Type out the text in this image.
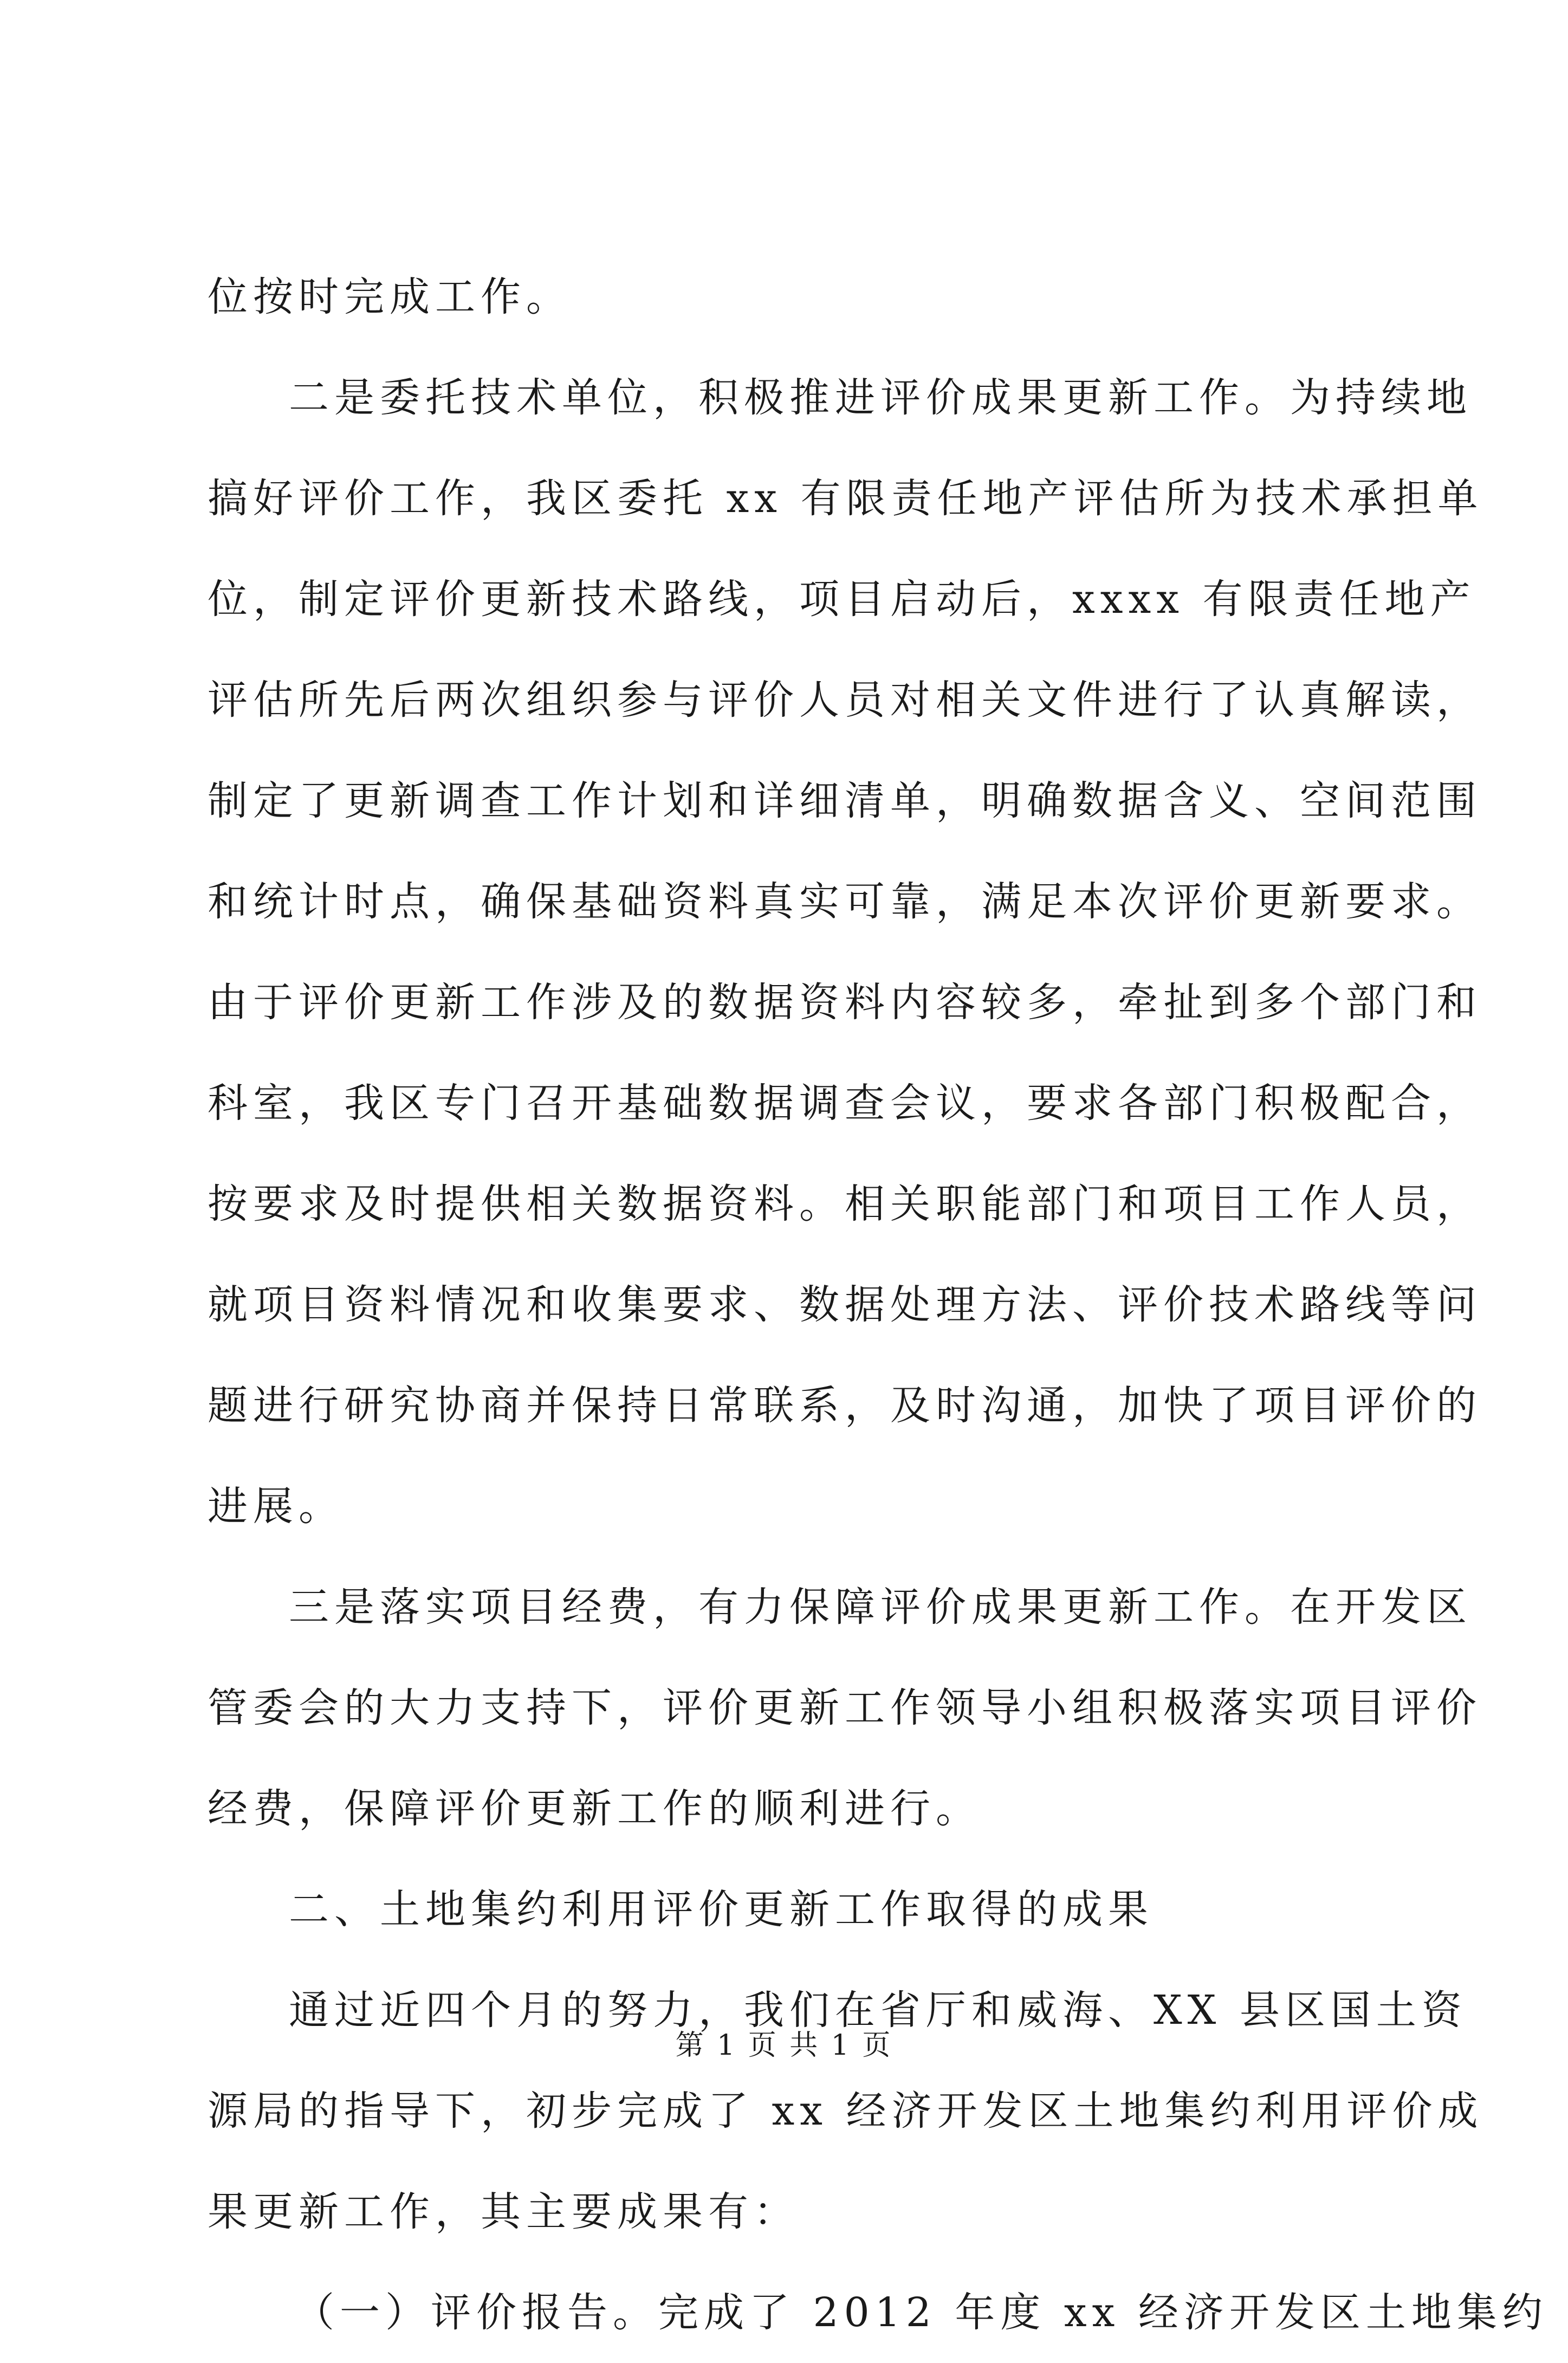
位按时完成工作。
二是委托技术单位，积极推进评价成果更新工作。为持续地
搞好评价工作，我区委托 xx 有限责任地产评估所为技术承担单
位，制定评价更新技术路线，项目启动后，xxxx 有限责任地产
评估所先后两次组织参与评价人员对相关文件进行了认真解读，
制定了更新调查工作计划和详细清单，明确数据含义、空间范围
和统计时点，确保基础资料真实可靠，满足本次评价更新要求。
由于评价更新工作涉及的数据资料内容较多，牵扯到多个部门和
科室，我区专门召开基础数据调查会议，要求各部门积极配合，
按要求及时提供相关数据资料。相关职能部门和项目工作人员，
就项目资料情况和收集要求、数据处理方法、评价技术路线等问
题进行研究协商并保持日常联系，及时沟通，加快了项目评价的
进展。
三是落实项目经费，有力保障评价成果更新工作。在开发区
管委会的大力支持下，评价更新工作领导小组积极落实项目评价
经费，保障评价更新工作的顺利进行。
二、土地集约利用评价更新工作取得的成果
通过近四个月的努力，我们在省厅和威海、XX 县区国土资
源局的指导下，初步完成了 xx 经济开发区土地集约利用评价成
果更新工作，其主要成果有：
（一）评价报告。完成了 2012 年度 xx 经济开发区土地集约
第 1 页 共 1 页
